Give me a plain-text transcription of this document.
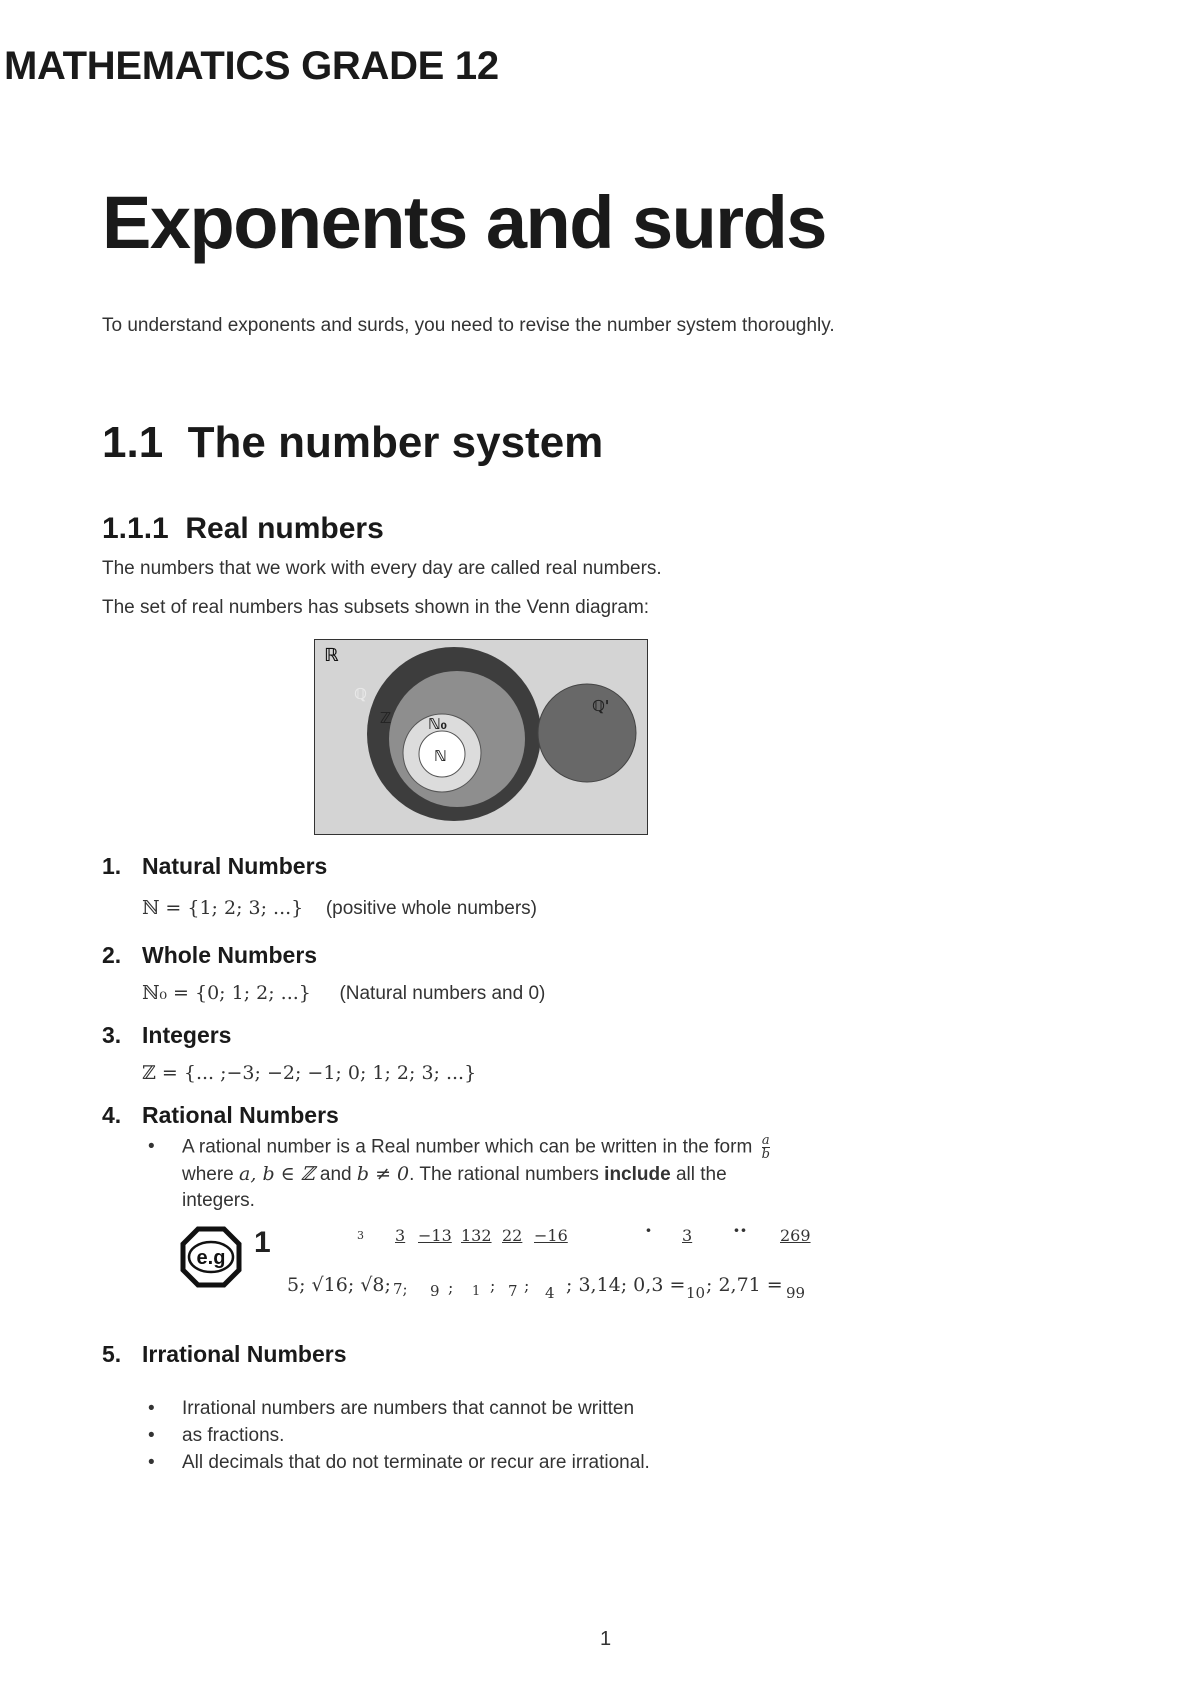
MATHEMATICS GRADE 12
Exponents and surds
To understand exponents and surds, you need to revise the number system thoroughly.
1.1  The number system
1.1.1  Real numbers
The numbers that we work with every day are called real numbers.
The set of real numbers has subsets shown in the Venn diagram:
ℝ
ℚ
ℤ ℕ₀
ℕ
ℚ'
1. Natural Numbers
ℕ = {1; 2; 3; ...} (positive whole numbers)
2. Whole Numbers
ℕ₀ = {0; 1; 2; ...} (Natural numbers and 0)
3. Integers
ℤ = {... ;−3; −2; −1; 0; 1; 2; 3; ...}
4. Rational Numbers
• A rational number is a Real number which can be written in the form $\frac{a}{b}$
where a, b ∈ ℤ and b ≠ 0. The rational numbers include all the
integers.
e.g 1	3 3 −13 132 22 −16	· 3 ·· 269
5; √16; √8; 7; 9 ; 1 ; 7 ; 4 ; 3,14; 0,3 = 10 ; 2,71 = 99
5. Irrational Numbers
• Irrational numbers are numbers that cannot be written
• as fractions.
• All decimals that do not terminate or recur are irrational.
1
